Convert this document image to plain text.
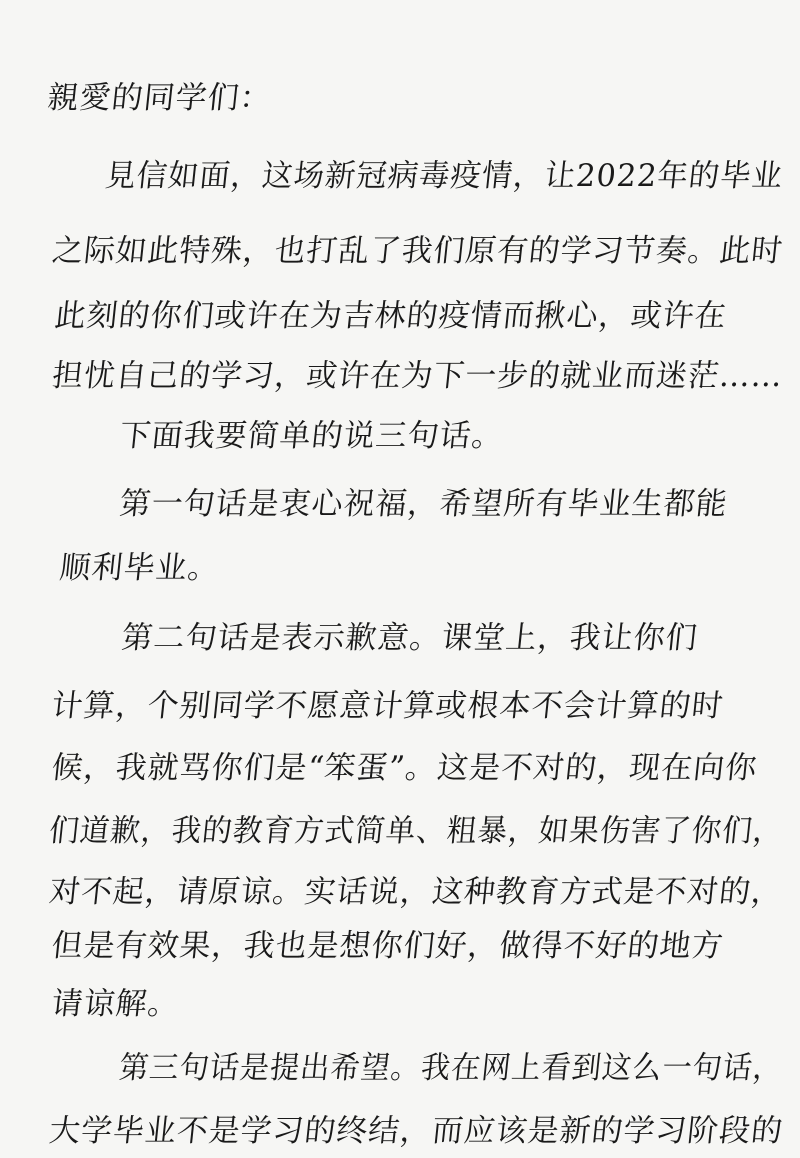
親愛的同学们：
見信如面，这场新冠病毒疫情，让2022年的毕业
之际如此特殊，也打乱了我们原有的学习节奏。此时
此刻的你们或许在为吉林的疫情而揪心，或许在
担忧自己的学习，或许在为下一步的就业而迷茫……
下面我要简单的说三句话。
第一句话是衷心祝福，希望所有毕业生都能
顺利毕业。
第二句话是表示歉意。课堂上，我让你们
计算，个别同学不愿意计算或根本不会计算的时
候，我就骂你们是“笨蛋”。这是不对的，现在向你
们道歉，我的教育方式简单、粗暴，如果伤害了你们，
对不起，请原谅。实话说，这种教育方式是不对的，
但是有效果，我也是想你们好，做得不好的地方
请谅解。
第三句话是提出希望。我在网上看到这么一句话，
大学毕业不是学习的终结，而应该是新的学习阶段的
